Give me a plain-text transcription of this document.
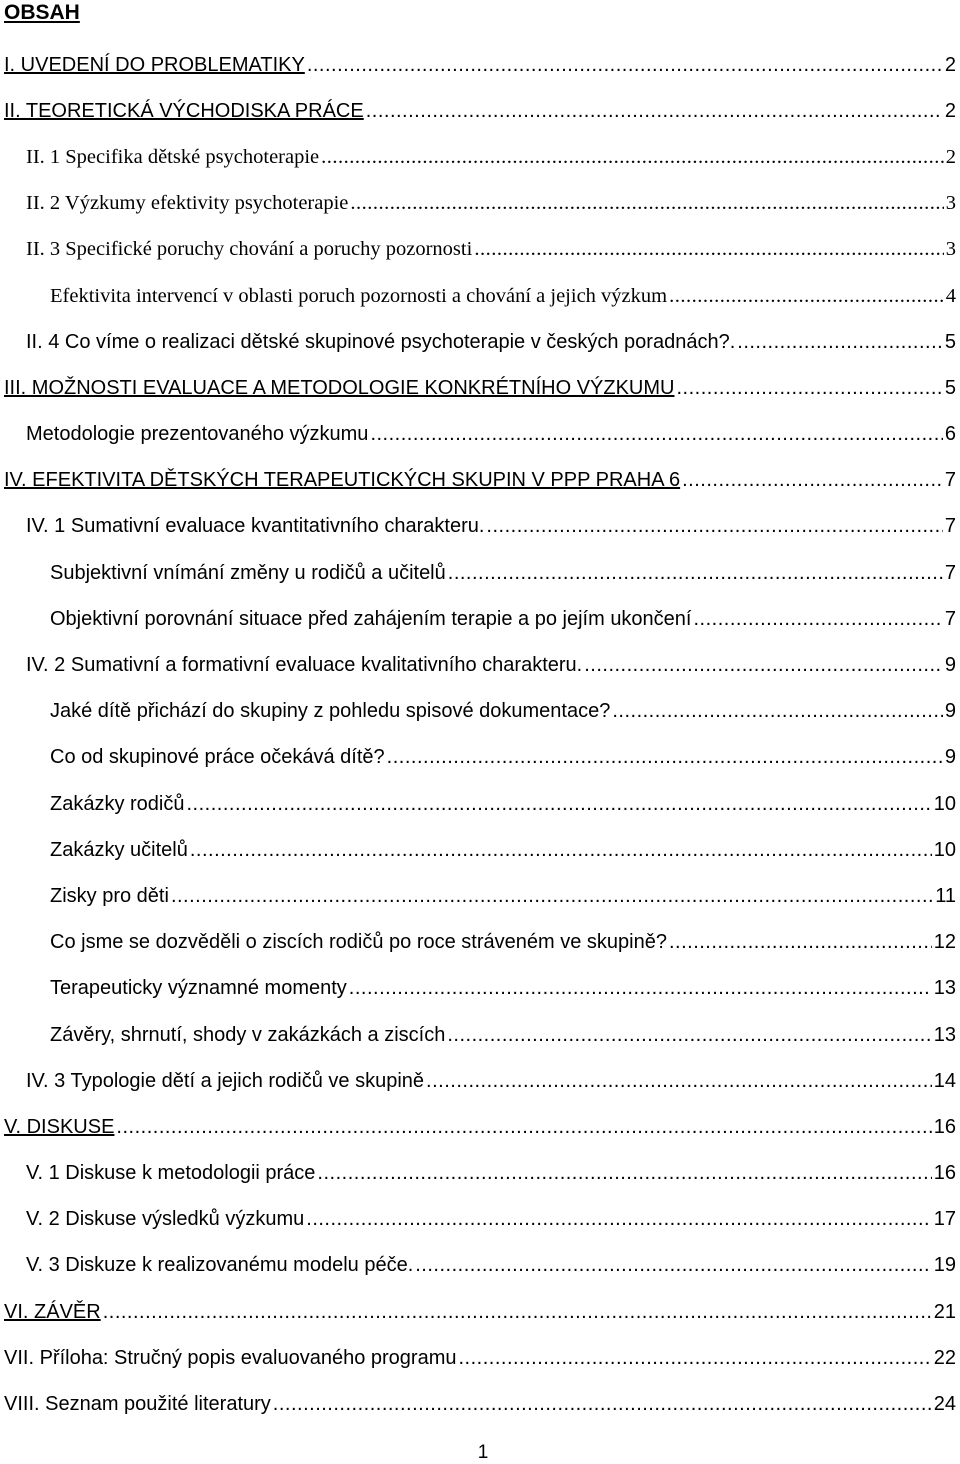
OBSAH
I. UVEDENÍ DO PROBLEMATIKY .....	2
II. TEORETICKÁ VÝCHODISKA PRÁCE .....	2
II. 1 Specifika dětské psychoterapie .....	2
II. 2 Výzkumy efektivity psychoterapie .....	3
II. 3 Specifické poruchy chování a poruchy pozornosti .....	3
Efektivita intervencí v oblasti poruch pozornosti a chování a jejich výzkum .....	4
II. 4 Co víme o realizaci dětské skupinové psychoterapie v českých poradnách?. .....	5
III. MOŽNOSTI EVALUACE A METODOLOGIE KONKRÉTNÍHO VÝZKUMU .....	5
Metodologie prezentovaného výzkumu .....	6
IV. EFEKTIVITA DĚTSKÝCH TERAPEUTICKÝCH SKUPIN V PPP PRAHA 6 .....	7
IV. 1 Sumativní evaluace kvantitativního charakteru. .....	7
Subjektivní vnímání změny u rodičů a učitelů .....	7
Objektivní porovnání situace před zahájením terapie a po jejím ukončení .....	7
IV. 2 Sumativní a formativní evaluace kvalitativního charakteru. .....	9
Jaké dítě přichází do skupiny z pohledu spisové dokumentace? .....	9
Co od skupinové práce očekává dítě? .....	9
Zakázky rodičů .....	10
Zakázky učitelů .....	10
Zisky pro děti .....	11
Co jsme se dozvěděli o ziscích rodičů po roce stráveném ve skupině? .....	12
Terapeuticky významné momenty .....	13
Závěry, shrnutí, shody v zakázkách a ziscích .....	13
IV. 3 Typologie dětí a jejich rodičů ve skupině .....	14
V. DISKUSE .....	16
V. 1 Diskuse k metodologii práce .....	16
V. 2 Diskuse výsledků výzkumu .....	17
V. 3 Diskuze k realizovanému modelu péče. .....	19
VI. ZÁVĚR .....	21
VII. Příloha: Stručný popis evaluovaného programu .....	22
VIII. Seznam použité literatury .....	24
1
